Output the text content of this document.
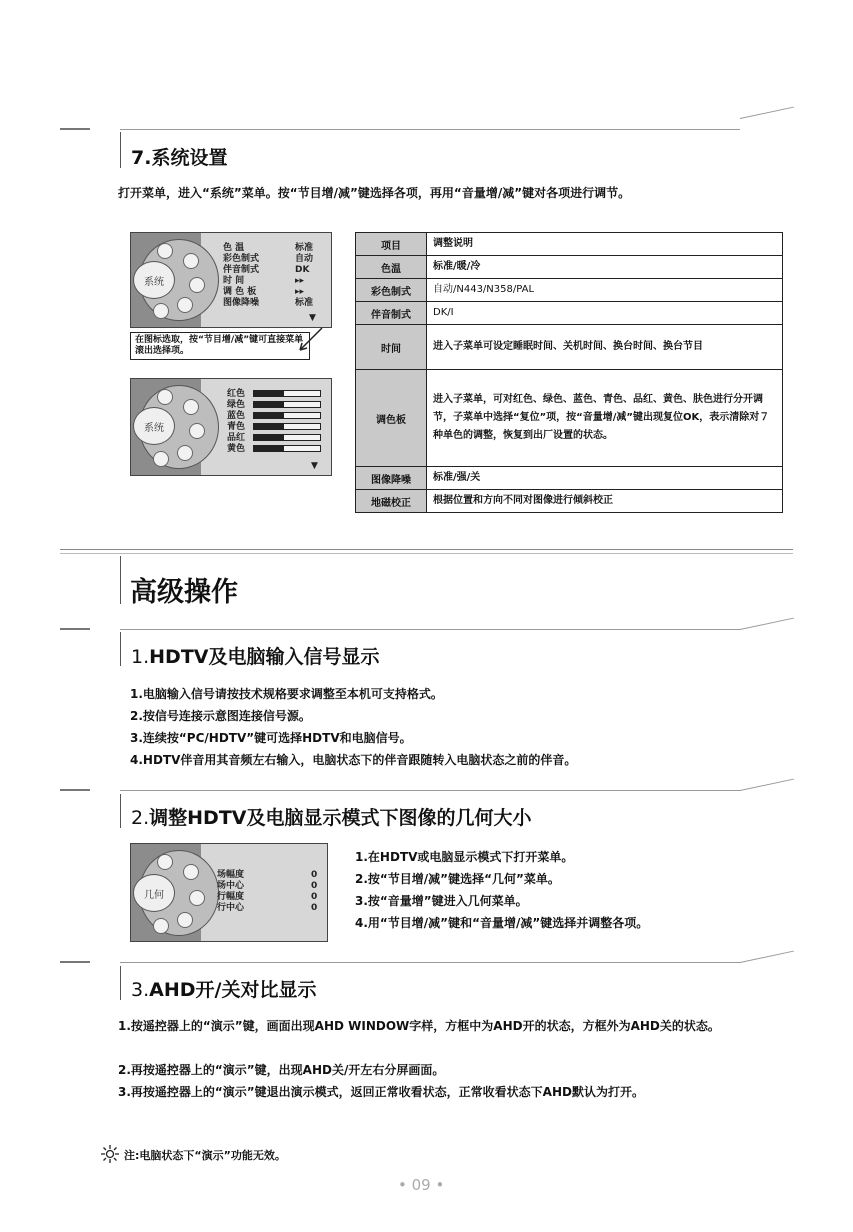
7.系统设置
打开菜单，进入“系统”菜单。按“节目增/减”键选择各项，再用“音量增/减”键对各项进行调节。
系统
色 温	标准
彩色制式	自动
伴音制式	DK
时 间	▸▸
调 色 板	▸▸
图像降噪	标准
▼
在图标选取，按“节目增/减”键可直接菜单滚出选择项。
系统
红色
绿色
蓝色
青色
品红
黄色
▼
项目	调整说明
色温	标准/暖/冷
彩色制式	自动/N443/N358/PAL
伴音制式	DK/I
时间	进入子菜单可设定睡眠时间、关机时间、换台时间、换台节目
调色板	进入子菜单，可对红色、绿色、蓝色、青色、品红、黄色、肤色进行分开调节，子菜单中选择“复位”项，按“音量增/减”键出现复位OK，表示清除对７种单色的调整，恢复到出厂设置的状态。
图像降噪	标准/强/关
地磁校正	根据位置和方向不同对图像进行倾斜校正
高级操作
1.HDTV及电脑输入信号显示
1.电脑输入信号请按技术规格要求调整至本机可支持格式。
2.按信号连接示意图连接信号源。
3.连续按“PC/HDTV”键可选择HDTV和电脑信号。
4.HDTV伴音用其音频左右输入，电脑状态下的伴音跟随转入电脑状态之前的伴音。
2.调整HDTV及电脑显示模式下图像的几何大小
几何
场幅度	0
场中心	0
行幅度	0
行中心	0
1.在HDTV或电脑显示模式下打开菜单。
2.按“节目增/减”键选择“几何”菜单。
3.按“音量增”键进入几何菜单。
4.用“节目增/减”键和“音量增/减”键选择并调整各项。
3.AHD开/关对比显示
1.按遥控器上的“演示”键，画面出现AHD WINDOW字样，方框中为AHD开的状态，方框外为AHD关的状态。
2.再按遥控器上的“演示”键，出现AHD关/开左右分屏画面。
3.再按遥控器上的“演示”键退出演示模式，返回正常收看状态，正常收看状态下AHD默认为打开。
注:电脑状态下“演示”功能无效。
• 09 •
